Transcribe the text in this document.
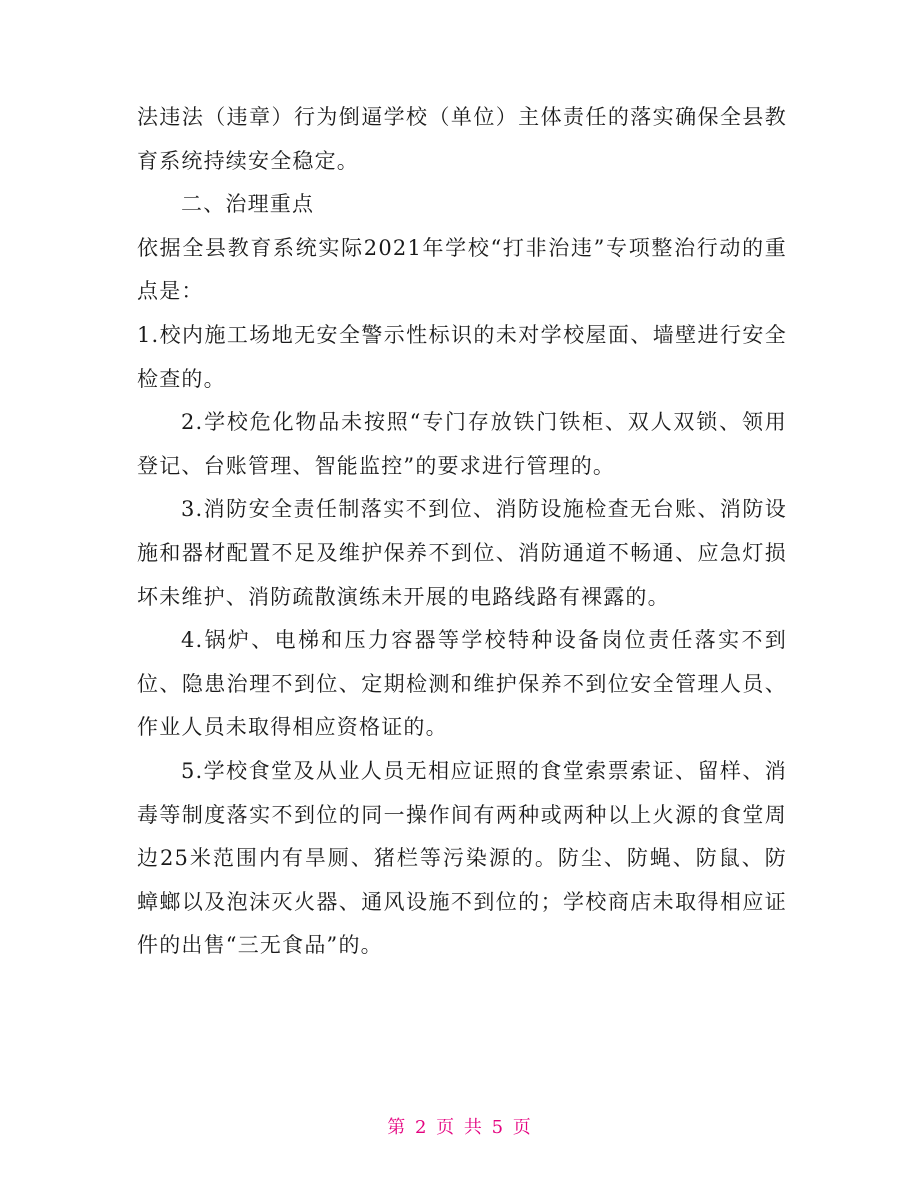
法违法（违章）行为倒逼学校（单位）主体责任的落实确保全县教育系统持续安全稳定。

二、治理重点

依据全县教育系统实际2021年学校“打非治违”专项整治行动的重点是：

1.校内施工场地无安全警示性标识的未对学校屋面、墙壁进行安全检查的。

2.学校危化物品未按照“专门存放铁门铁柜、双人双锁、领用登记、台账管理、智能监控”的要求进行管理的。

3.消防安全责任制落实不到位、消防设施检查无台账、消防设施和器材配置不足及维护保养不到位、消防通道不畅通、应急灯损坏未维护、消防疏散演练未开展的电路线路有裸露的。

4.锅炉、电梯和压力容器等学校特种设备岗位责任落实不到位、隐患治理不到位、定期检测和维护保养不到位安全管理人员、作业人员未取得相应资格证的。

5.学校食堂及从业人员无相应证照的食堂索票索证、留样、消毒等制度落实不到位的同一操作间有两种或两种以上火源的食堂周边25米范围内有旱厕、猪栏等污染源的。防尘、防蝇、防鼠、防蟑螂以及泡沫灭火器、通风设施不到位的；学校商店未取得相应证件的出售“三无食品”的。

第 2 页 共 5 页
